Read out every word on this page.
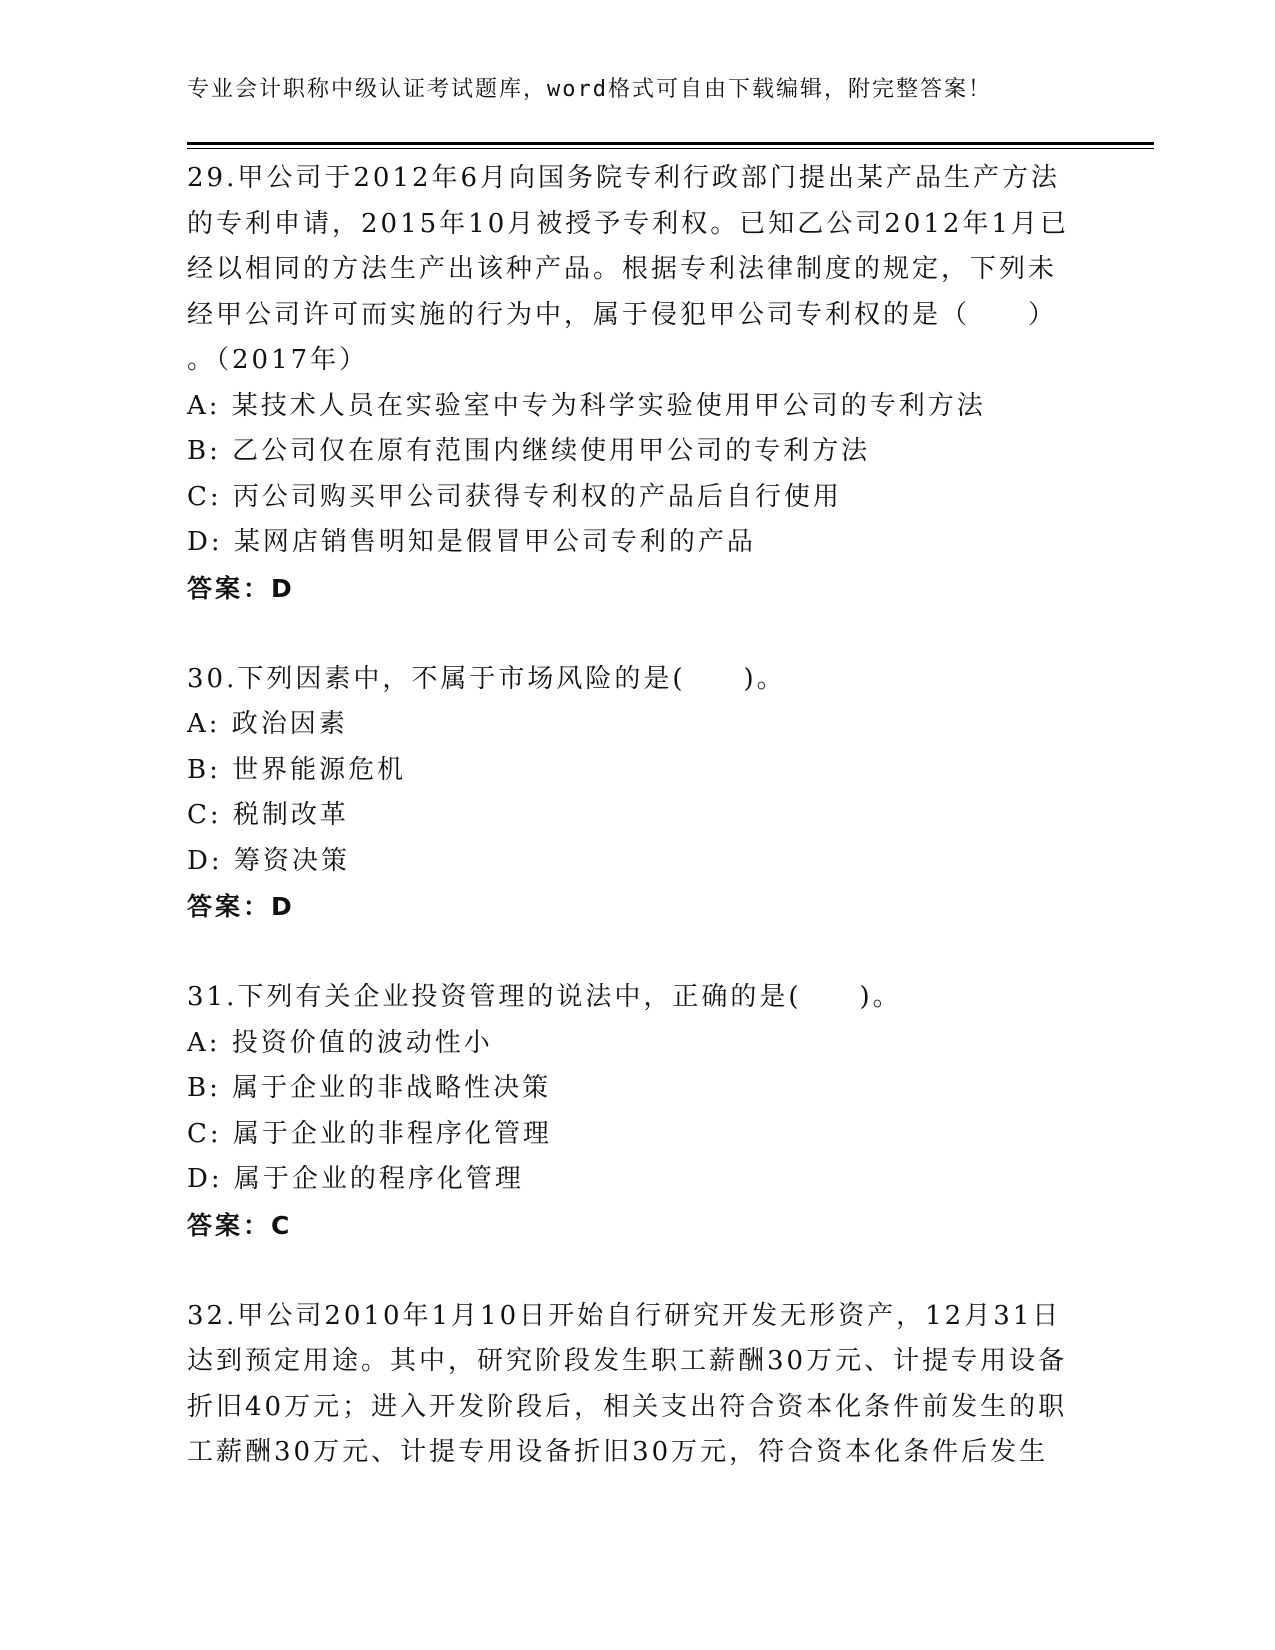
专业会计职称中级认证考试题库，word格式可自由下载编辑，附完整答案！
29.甲公司于2012年6月向国务院专利行政部门提出某产品生产方法
的专利申请，2015年10月被授予专利权。已知乙公司2012年1月已
经以相同的方法生产出该种产品。根据专利法律制度的规定，下列未
经甲公司许可而实施的行为中，属于侵犯甲公司专利权的是（　　）
。（2017年）
A: 某技术人员在实验室中专为科学实验使用甲公司的专利方法
B: 乙公司仅在原有范围内继续使用甲公司的专利方法
C: 丙公司购买甲公司获得专利权的产品后自行使用
D: 某网店销售明知是假冒甲公司专利的产品
答案：D
30.下列因素中，不属于市场风险的是(　　)。
A: 政治因素
B: 世界能源危机
C: 税制改革
D: 筹资决策
答案：D
31.下列有关企业投资管理的说法中，正确的是(　　)。
A: 投资价值的波动性小
B: 属于企业的非战略性决策
C: 属于企业的非程序化管理
D: 属于企业的程序化管理
答案：C
32.甲公司2010年1月10日开始自行研究开发无形资产，12月31日
达到预定用途。其中，研究阶段发生职工薪酬30万元、计提专用设备
折旧40万元；进入开发阶段后，相关支出符合资本化条件前发生的职
工薪酬30万元、计提专用设备折旧30万元，符合资本化条件后发生
